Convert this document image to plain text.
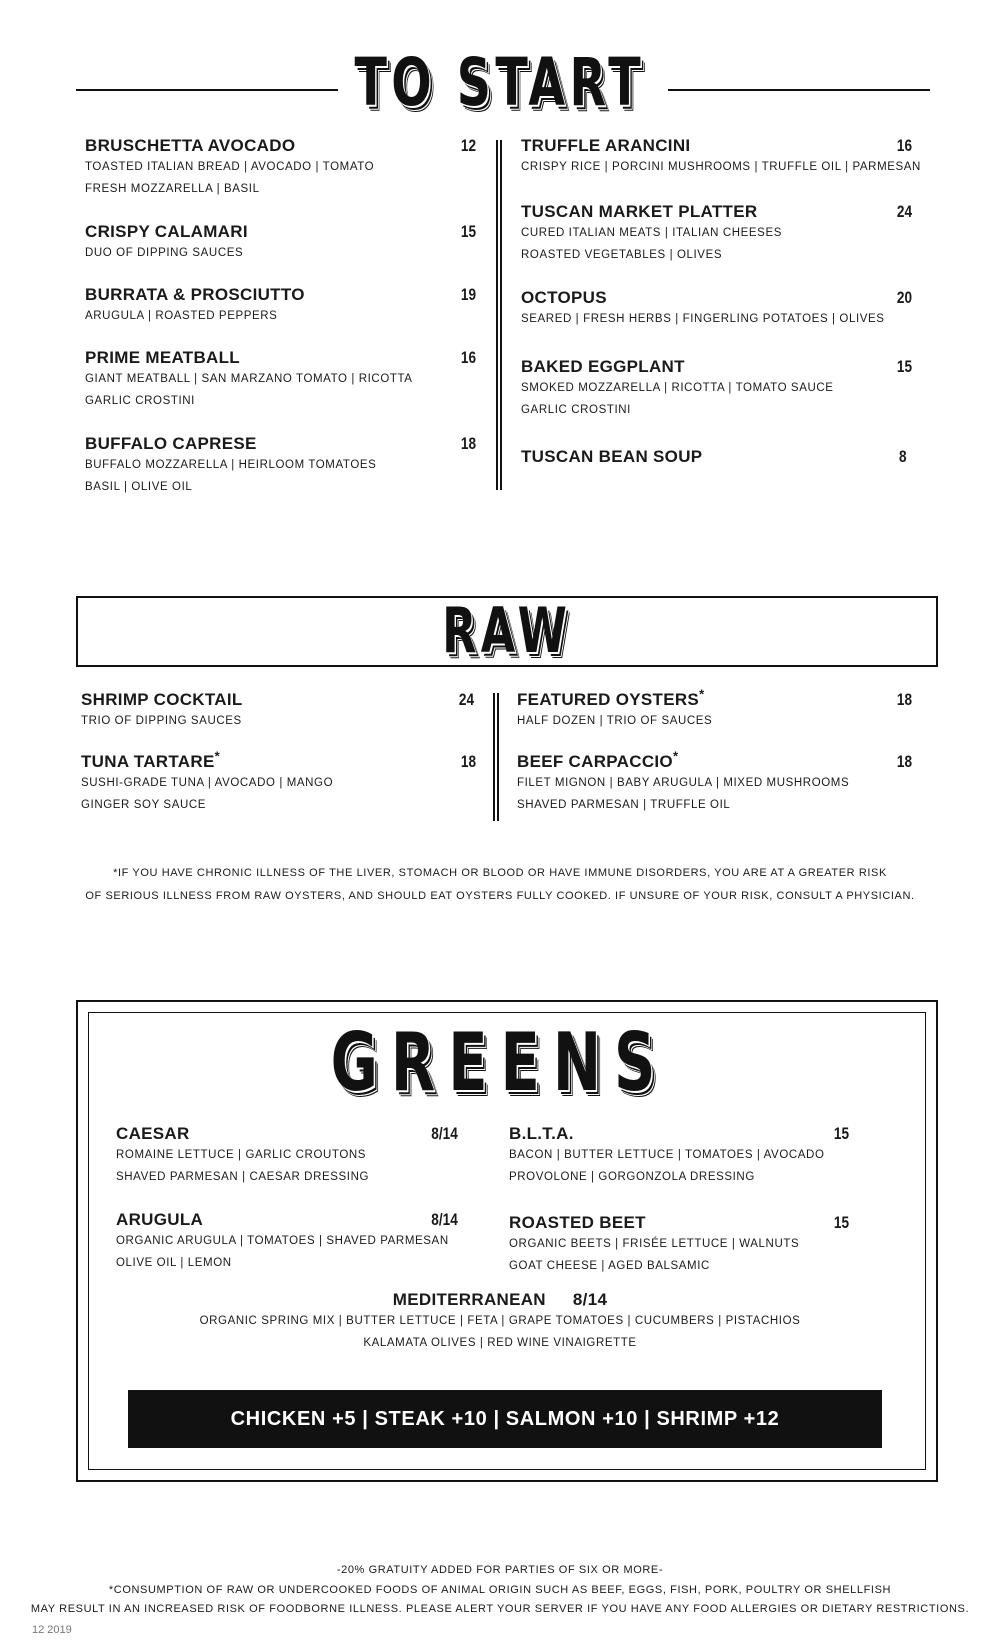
TO START
BRUSCHETTA AVOCADO
TOASTED ITALIAN BREAD | AVOCADO | TOMATO
FRESH MOZZARELLA | BASIL
12
CRISPY CALAMARI
DUO OF DIPPING SAUCES
15
BURRATA & PROSCIUTTO
ARUGULA | ROASTED PEPPERS
19
PRIME MEATBALL
GIANT MEATBALL | SAN MARZANO TOMATO | RICOTTA
GARLIC CROSTINI
16
BUFFALO CAPRESE
BUFFALO MOZZARELLA | HEIRLOOM TOMATOES
BASIL | OLIVE OIL
18
TRUFFLE ARANCINI
CRISPY RICE | PORCINI MUSHROOMS | TRUFFLE OIL | PARMESAN
16
TUSCAN MARKET PLATTER
CURED ITALIAN MEATS | ITALIAN CHEESES
ROASTED VEGETABLES | OLIVES
24
OCTOPUS
SEARED | FRESH HERBS | FINGERLING POTATOES | OLIVES
20
BAKED EGGPLANT
SMOKED MOZZARELLA | RICOTTA | TOMATO SAUCE
GARLIC CROSTINI
15
TUSCAN BEAN SOUP	8
RAW
SHRIMP COCKTAIL
TRIO OF DIPPING SAUCES
24
TUNA TARTARE*
SUSHI-GRADE TUNA | AVOCADO | MANGO
GINGER SOY SAUCE
18
FEATURED OYSTERS*
HALF DOZEN | TRIO OF SAUCES
18
BEEF CARPACCIO*
FILET MIGNON | BABY ARUGULA | MIXED MUSHROOMS
SHAVED PARMESAN | TRUFFLE OIL
18
*IF YOU HAVE CHRONIC ILLNESS OF THE LIVER, STOMACH OR BLOOD OR HAVE IMMUNE DISORDERS, YOU ARE AT A GREATER RISK
OF SERIOUS ILLNESS FROM RAW OYSTERS, AND SHOULD EAT OYSTERS FULLY COOKED. IF UNSURE OF YOUR RISK, CONSULT A PHYSICIAN.
GREENS
CAESAR
ROMAINE LETTUCE | GARLIC CROUTONS
SHAVED PARMESAN | CAESAR DRESSING
8/14
ARUGULA
ORGANIC ARUGULA | TOMATOES | SHAVED PARMESAN
OLIVE OIL | LEMON
8/14
B.L.T.A.
BACON | BUTTER LETTUCE | TOMATOES | AVOCADO
PROVOLONE | GORGONZOLA DRESSING
15
ROASTED BEET
ORGANIC BEETS | FRISÉE LETTUCE | WALNUTS
GOAT CHEESE | AGED BALSAMIC
15
MEDITERRANEAN 8/14
ORGANIC SPRING MIX | BUTTER LETTUCE | FETA | GRAPE TOMATOES | CUCUMBERS | PISTACHIOS
KALAMATA OLIVES | RED WINE VINAIGRETTE
CHICKEN +5 | STEAK +10 | SALMON +10 | SHRIMP +12
-20% GRATUITY ADDED FOR PARTIES OF SIX OR MORE-
*CONSUMPTION OF RAW OR UNDERCOOKED FOODS OF ANIMAL ORIGIN SUCH AS BEEF, EGGS, FISH, PORK, POULTRY OR SHELLFISH
MAY RESULT IN AN INCREASED RISK OF FOODBORNE ILLNESS. PLEASE ALERT YOUR SERVER IF YOU HAVE ANY FOOD ALLERGIES OR DIETARY RESTRICTIONS.
12 2019
